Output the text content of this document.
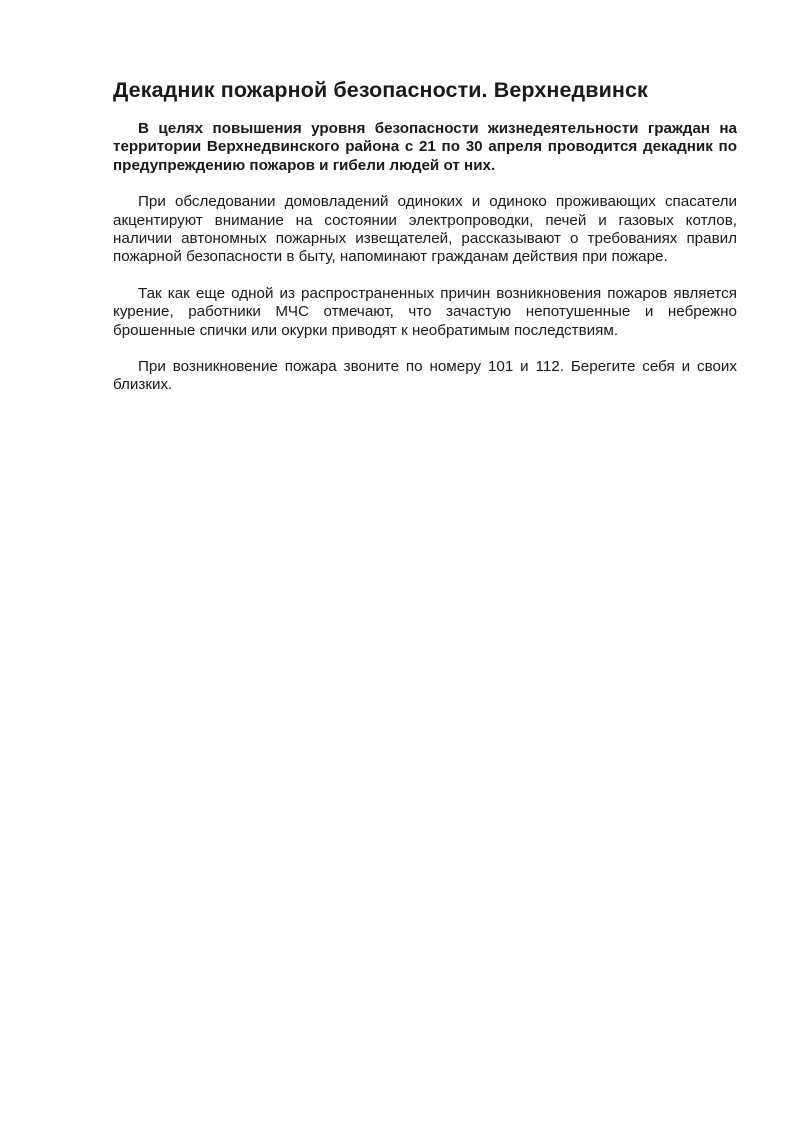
Декадник пожарной безопасности. Верхнедвинск

В целях повышения уровня безопасности жизнедеятельности граждан на территории Верхнедвинского района с 21 по 30 апреля проводится декадник по предупреждению пожаров и гибели людей от них.

При обследовании домовладений одиноких и одиноко проживающих спасатели акцентируют внимание на состоянии электропроводки, печей и газовых котлов, наличии автономных пожарных извещателей, рассказывают о требованиях правил пожарной безопасности в быту, напоминают гражданам действия при пожаре.

Так как еще одной из распространенных причин возникновения пожаров является курение, работники МЧС отмечают, что зачастую непотушенные и небрежно брошенные спички или окурки приводят к необратимым последствиям.

При возникновение пожара звоните по номеру 101 и 112. Берегите себя и своих близких.
